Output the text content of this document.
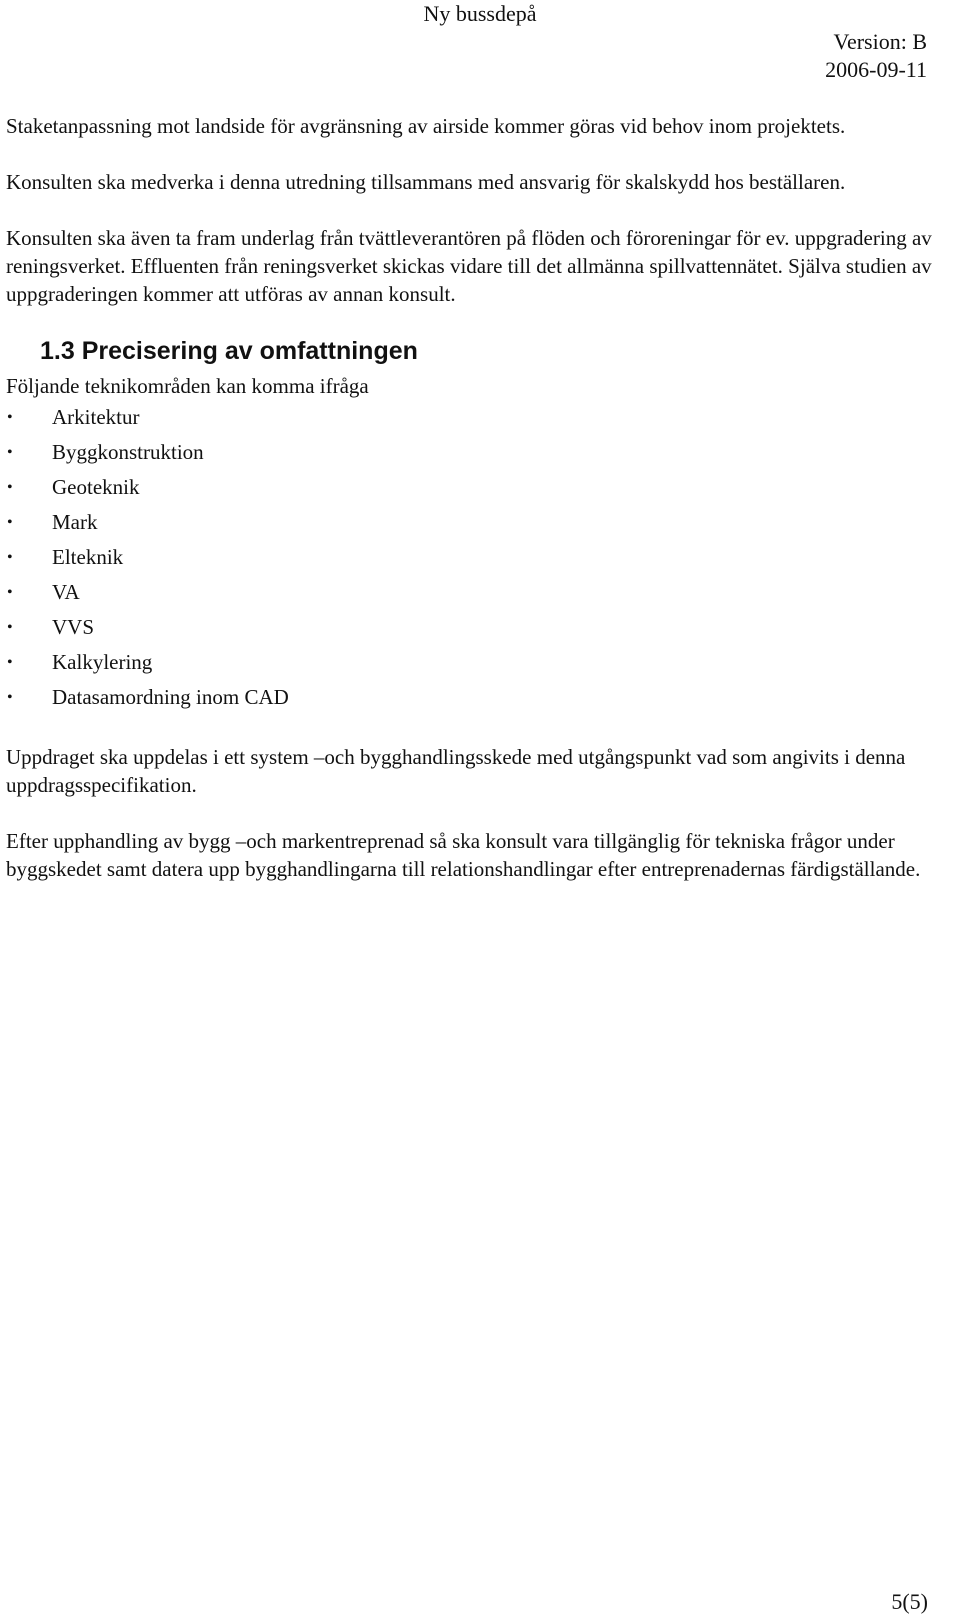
Ny bussdepå
Version: B
2006-09-11

Staketanpassning mot landside för avgränsning av airside kommer göras vid behov inom projektets.

Konsulten ska medverka i denna utredning tillsammans med ansvarig för skalskydd hos beställaren.

Konsulten ska även ta fram underlag från tvättleverantören på flöden och föroreningar för ev. uppgradering av reningsverket. Effluenten från reningsverket skickas vidare till det allmänna spillvattennätet. Själva studien av uppgraderingen kommer att utföras av annan konsult.

1.3 Precisering av omfattningen

Följande teknikområden kan komma ifråga

• Arkitektur
• Byggkonstruktion
• Geoteknik
• Mark
• Elteknik
• VA
• VVS
• Kalkylering
• Datasamordning inom CAD

Uppdraget ska uppdelas i ett system –och bygghandlingsskede med utgångspunkt vad som angivits i denna uppdragsspecifikation.

Efter upphandling av bygg –och markentreprenad så ska konsult vara tillgänglig för tekniska frågor under byggskedet samt datera upp bygghandlingarna till relationshandlingar efter entreprenadernas färdigställande.

5(5)
